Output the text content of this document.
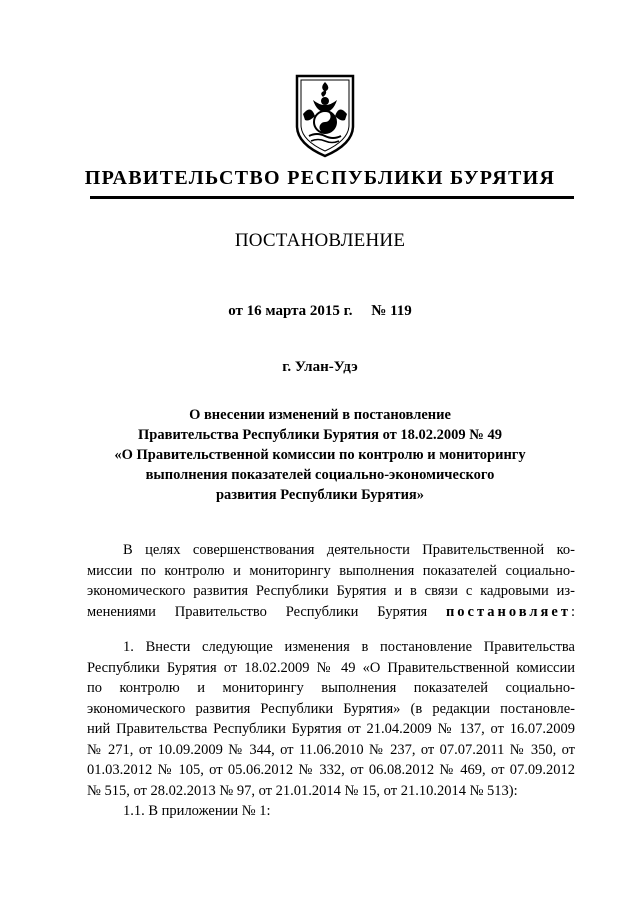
ПРАВИТЕЛЬСТВО РЕСПУБЛИКИ БУРЯТИЯ
ПОСТАНОВЛЕНИЕ
от 16 марта 2015 г.     № 119
г. Улан-Удэ
О внесении изменений в постановление
Правительства Республики Бурятия от 18.02.2009 № 49
«О Правительственной комиссии по контролю и мониторингу
выполнения показателей социально-экономического
развития Республики Бурятия»
В целях совершенствования деятельности Правительственной ко-
миссии по контролю и мониторингу выполнения показателей социально-
экономического развития Республики Бурятия и в связи с кадровыми из-
менениями Правительство Республики Бурятия постановляет:
1. Внести следующие изменения в постановление Правительства
Республики Бурятия от 18.02.2009 № 49 «О Правительственной комиссии
по контролю и мониторингу выполнения показателей социально-
экономического развития Республики Бурятия» (в редакции постановле-
ний Правительства Республики Бурятия от 21.04.2009 № 137, от 16.07.2009
№ 271, от 10.09.2009 № 344, от 11.06.2010 № 237, от 07.07.2011 № 350, от
01.03.2012 № 105, от 05.06.2012 № 332, от 06.08.2012 № 469, от 07.09.2012
№ 515, от 28.02.2013 № 97, от 21.01.2014 № 15, от 21.10.2014 № 513):
1.1. В приложении № 1:
